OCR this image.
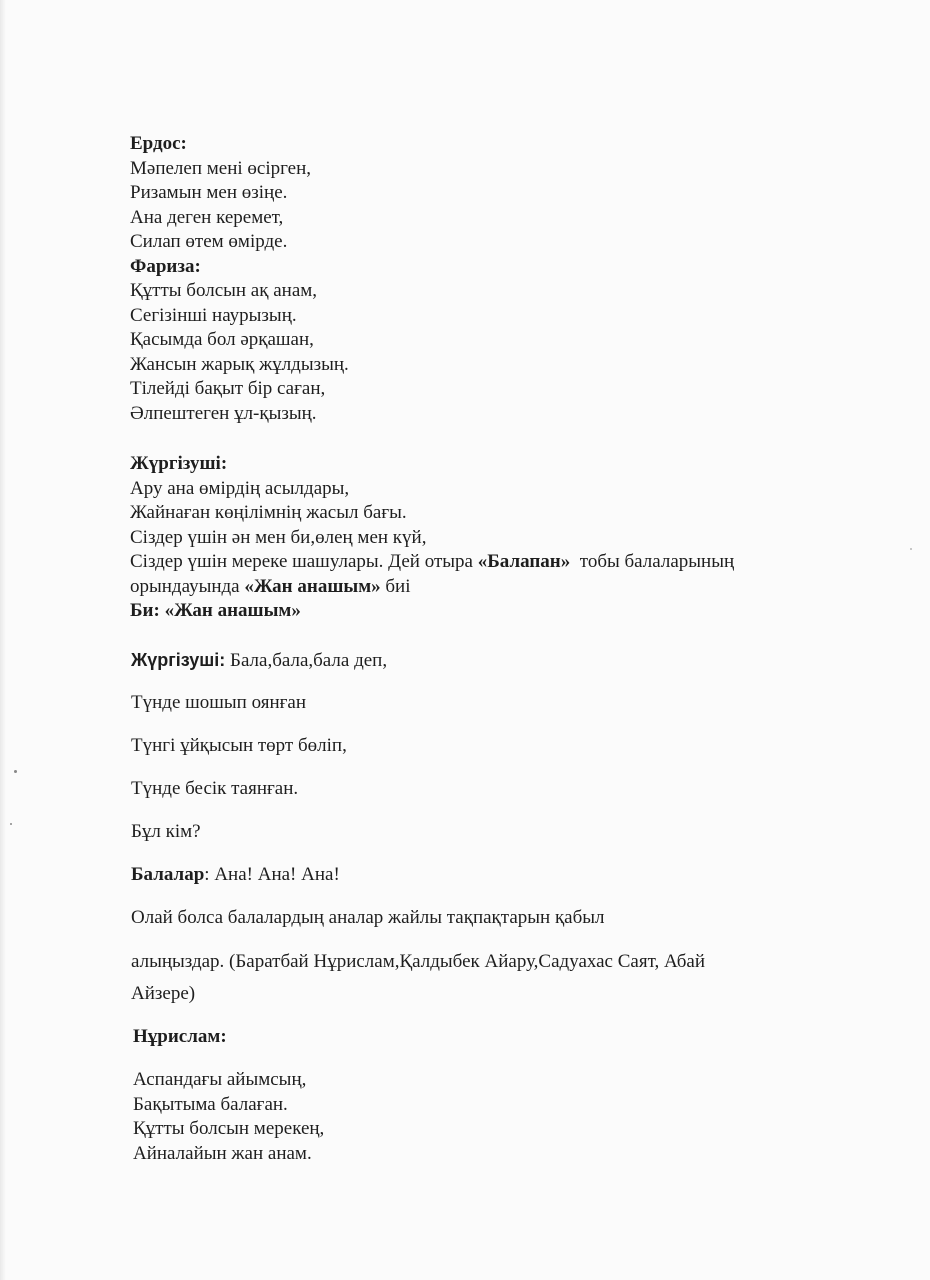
Ердос:

Мәпелеп мені өсірген,

Ризамын мен өзіңе.

Ана деген керемет,

Силап өтем өмірде.

Фариза:

Құтты болсын ақ анам,

Сегізінші наурызың.

Қасымда бол әрқашан,

Жансын жарық жұлдызың.

Тілейді бақыт бір саған,

Әлпештеген ұл-қызың.

Жүргізуші:

Ару ана өмірдің асылдары,

Жайнаған көңілімнің жасыл бағы.

Сіздер үшін ән мен би,өлең мен күй,

Сіздер үшін мереке шашулары. Дей отыра «Балапан»  тобы балаларының

орындауында «Жан анашым» биі

Би: «Жан анашым»

Жүргізуші: Бала,бала,бала деп,

Түнде шошып оянған
Түнгі ұйқысын төрт бөліп,
Түнде бесік таянған.
Бұл кім?

Балалар: Ана! Ана! Ана!

Олай болса балалардың аналар жайлы тақпақтарын қабыл
алыңыздар. (Баратбай Нұрислам,Қалдыбек Айару,Садуахас Саят, Абай
Айзере)
Нұрислам:

Аспандағы айымсың,

Бақытыма балаған.

Құтты болсын мерекең,

Айналайын жан анам.
